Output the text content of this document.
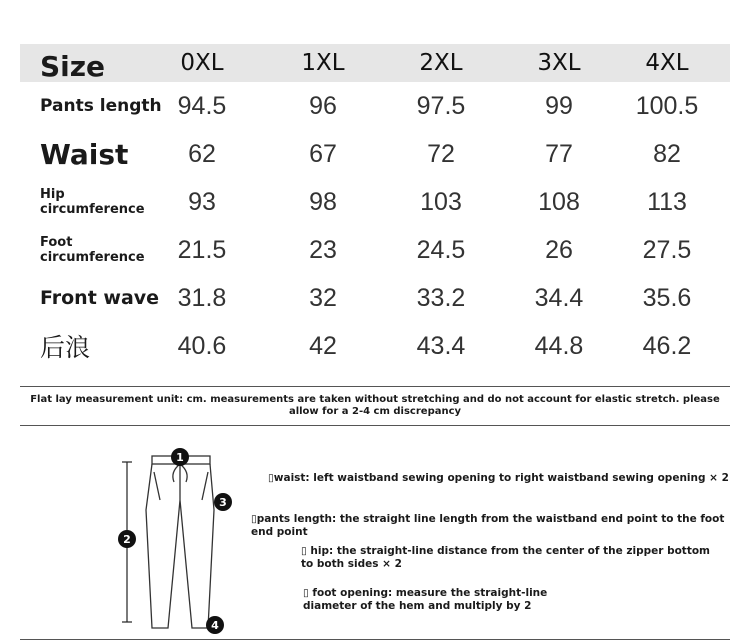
Size	0XL	1XL	2XL	3XL	4XL
Pants length 94.5	96	97.5	99	100.5
Waist	62	67	72	77	82
Hip
circumference	93	98	103	108	113
Foot
circumference	21.5	23	24.5	26	27.5
Front wave 31.8	32	33.2	34.4	35.6
后浪	40.6	42	43.4	44.8	46.2
Flat lay measurement unit: cm. measurements are taken without stretching and do not account for elastic stretch. please allow for a 2-4 cm discrepancy
1
2
3
4
▯waist: left waistband sewing opening to right waistband sewing opening × 2
▯pants length: the straight line length from the waistband end point to the foot end point
▯ hip: the straight-line distance from the center of the zipper bottom to both sides × 2
▯ foot opening: measure the straight-line diameter of the hem and multiply by 2
